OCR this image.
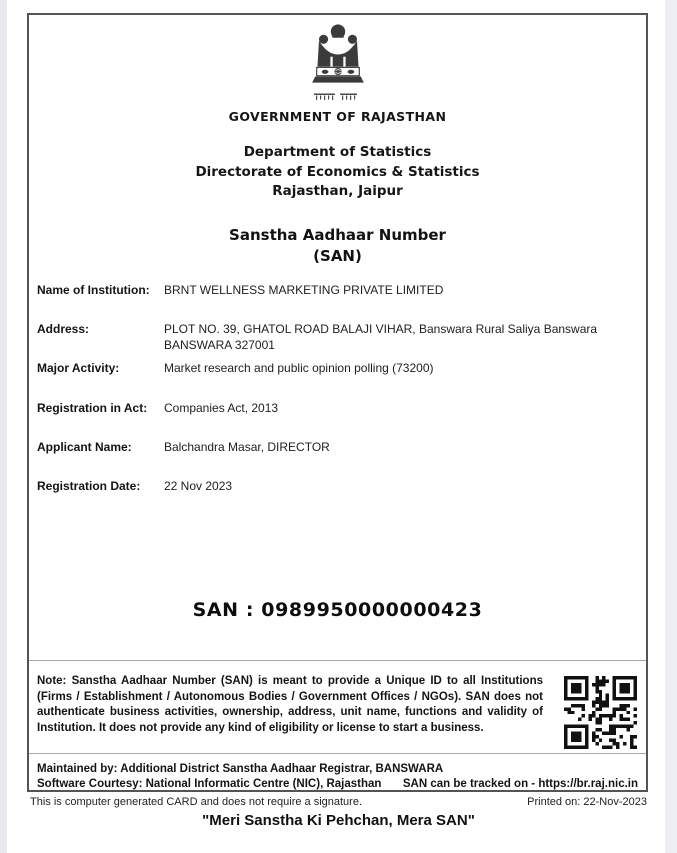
GOVERNMENT OF RAJASTHAN
Department of Statistics
Directorate of Economics & Statistics
Rajasthan, Jaipur
Sanstha Aadhaar Number
(SAN)
Name of Institution: BRNT WELLNESS MARKETING PRIVATE LIMITED
Address:	PLOT NO. 39, GHATOL ROAD BALAJI VIHAR, Banswara Rural Saliya Banswara BANSWARA 327001
Major Activity:	Market research and public opinion polling (73200)
Registration in Act: Companies Act, 2013
Applicant Name:	Balchandra Masar, DIRECTOR
Registration Date: 22 Nov 2023
SAN : 0989950000000423
Note: Sanstha Aadhaar Number (SAN) is meant to provide a Unique ID to all Institutions (Firms / Establishment / Autonomous Bodies / Government Offices / NGOs). SAN does not authenticate business activities, ownership, address, unit name, functions and validity of Institution. It does not provide any kind of eligibility or license to start a business.
Maintained by: Additional District Sanstha Aadhaar Registrar, BANSWARA
Software Courtesy: National Informatic Centre (NIC), Rajasthan SAN can be tracked on - https://br.raj.nic.in
This is computer generated CARD and does not require a signature.	Printed on: 22-Nov-2023
"Meri Sanstha Ki Pehchan, Mera SAN"
